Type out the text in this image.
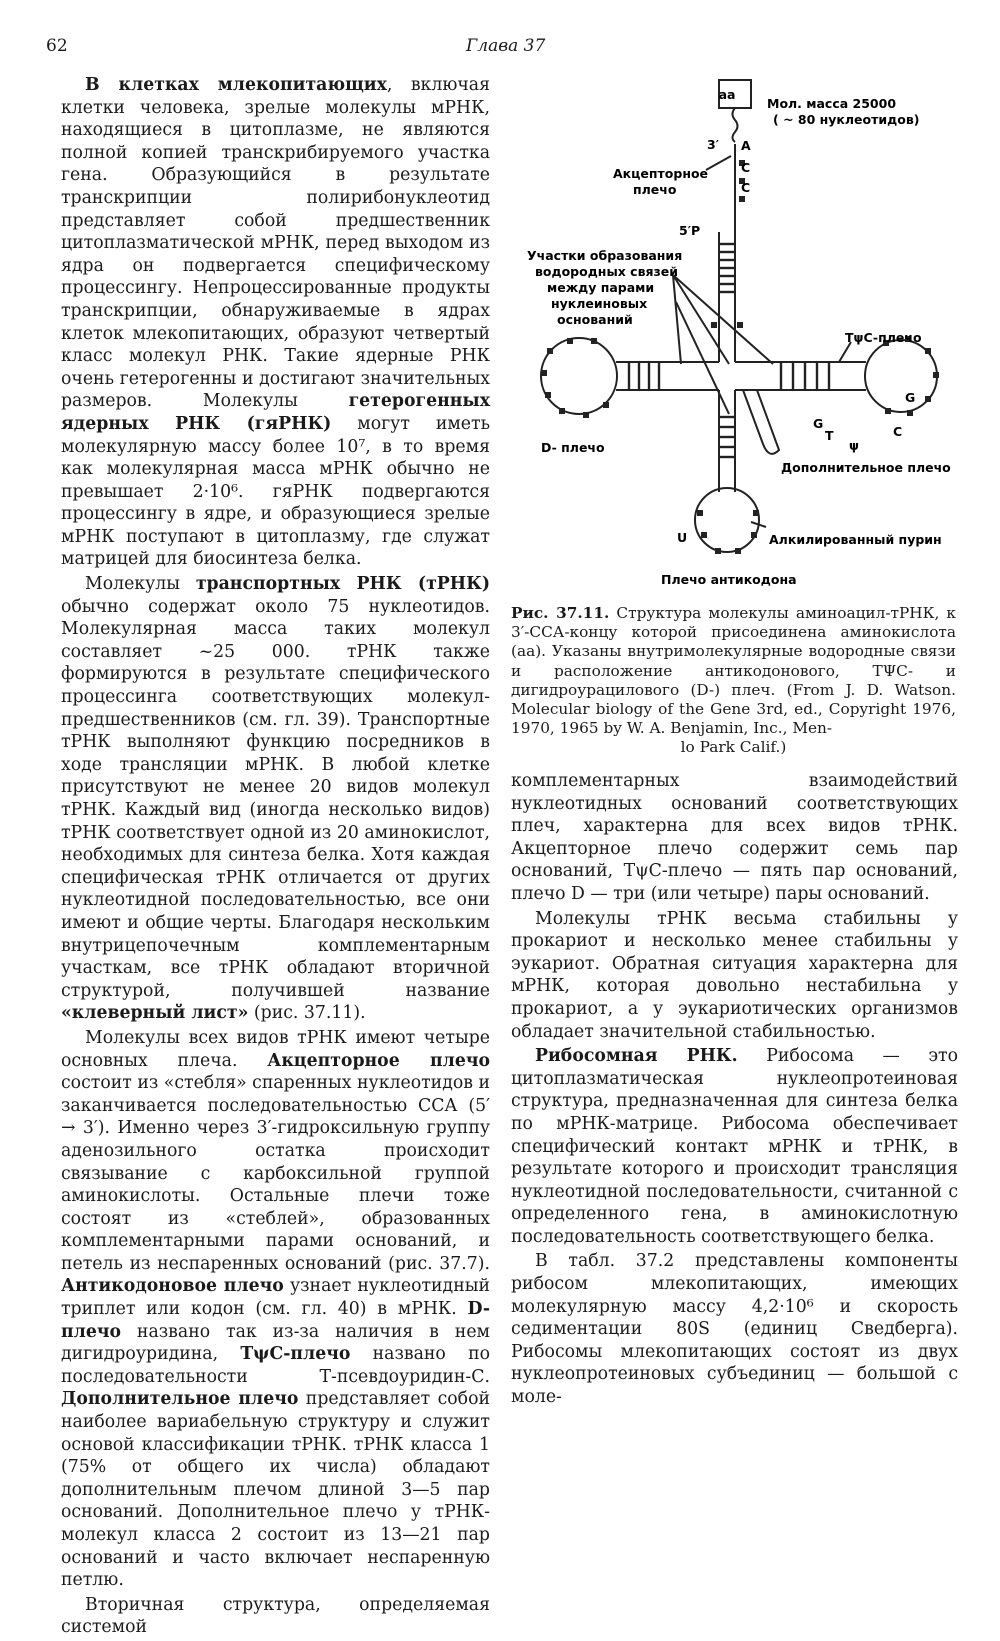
62	Глава 37

В клетках млекопитающих, включая клетки человека, зрелые молекулы мРНК, находящиеся в цитоплазме, не являются полной копией транскрибируемого участка гена. Образующийся в результате транскрипции полирибонуклеотид представляет собой предшественник цитоплазматической мРНК, перед выходом из ядра он подвергается специфическому процессингу. Непроцессированные продукты транскрипции, обнаруживаемые в ядрах клеток млекопитающих, образуют четвертый класс молекул РНК. Такие ядерные РНК очень гетерогенны и достигают значительных размеров. Молекулы гетерогенных ядерных РНК (гяРНК) могут иметь молекулярную массу более 10⁷, в то время как молекулярная масса мРНК обычно не превышает 2·10⁶. гяРНК подвергаются процессингу в ядре, и образующиеся зрелые мРНК поступают в цитоплазму, где служат матрицей для биосинтеза белка.

Молекулы транспортных РНК (тРНК) обычно содержат около 75 нуклеотидов. Молекулярная масса таких молекул составляет ~25 000. тРНК также формируются в результате специфического процессинга соответствующих молекул-предшественников (см. гл. 39). Транспортные тРНК выполняют функцию посредников в ходе трансляции мРНК. В любой клетке присутствуют не менее 20 видов молекул тРНК. Каждый вид (иногда несколько видов) тРНК соответствует одной из 20 аминокислот, необходимых для синтеза белка. Хотя каждая специфическая тРНК отличается от других нуклеотидной последовательностью, все они имеют и общие черты. Благодаря нескольким внутрицепочечным комплементарным участкам, все тРНК обладают вторичной структурой, получившей название «клеверный лист» (рис. 37.11).

Молекулы всех видов тРНК имеют четыре основных плеча. Акцепторное плечо состоит из «стебля» спаренных нуклеотидов и заканчивается последовательностью ССА (5′ → 3′). Именно через 3′-гидроксильную группу аденозильного остатка происходит связывание с карбоксильной группой аминокислоты. Остальные плечи тоже состоят из «стеблей», образованных комплементарными парами оснований, и петель из неспаренных оснований (рис. 37.7). Антикодоновое плечо узнает нуклеотидный триплет или кодон (см. гл. 40) в мРНК. D-плечо названо так из-за наличия в нем дигидроуридина, TψC-плечо названо по последовательности Т-псевдоуридин-С. Дополнительное плечо представляет собой наиболее вариабельную структуру и служит основой классификации тРНК. тРНК класса 1 (75% от общего их числа) обладают дополнительным плечом длиной 3—5 пар оснований. Дополнительное плечо у тРНК-молекул класса 2 состоит из 13—21 пар оснований и часто включает неспаренную петлю.

Вторичная структура, определяемая системой

aa
Мол. масса 25000
( ~ 80 нуклеотидов)
3′ A
C
C
Акцепторное
плечо
5′P
Участки образования
водородных связей
между парами
нуклеиновых
оснований
TψC-плечо
D- плечо
G
G
T
ψ
C
Дополнительное плечо
U	Алкилированный пурин
Плечо антикодона
Рис. 37.11. Структура молекулы аминоацил-тРНК, к 3′-ССА-концу которой присоединена аминокислота (аа). Указаны внутримолекулярные водородные связи и расположение антикодонового, TΨC- и дигидроурацилового (D-) плеч. (From J. D. Watson. Molecular biology of the Gene 3rd, ed., Copyright 1976, 1970, 1965 by W. A. Benjamin, Inc., Men-
lo Park Calif.)

комплементарных взаимодействий нуклеотидных оснований соответствующих плеч, характерна для всех видов тРНК. Акцепторное плечо содержит семь пар оснований, TψC-плечо — пять пар оснований, плечо D — три (или четыре) пары оснований.

Молекулы тРНК весьма стабильны у прокариот и несколько менее стабильны у эукариот. Обратная ситуация характерна для мРНК, которая довольно нестабильна у прокариот, а у эукариотических организмов обладает значительной стабильностью.

Рибосомная РНК. Рибосома — это цитоплазматическая нуклеопротеиновая структура, предназначенная для синтеза белка по мРНК-матрице. Рибосома обеспечивает специфический контакт мРНК и тРНК, в результате которого и происходит трансляция нуклеотидной последовательности, считанной с определенного гена, в аминокислотную последовательность соответствующего белка.

В табл. 37.2 представлены компоненты рибосом млекопитающих, имеющих молекулярную массу 4,2·10⁶ и скорость седиментации 80S (единиц Сведберга). Рибосомы млекопитающих состоят из двух нуклеопротеиновых субъединиц — большой с моле-
